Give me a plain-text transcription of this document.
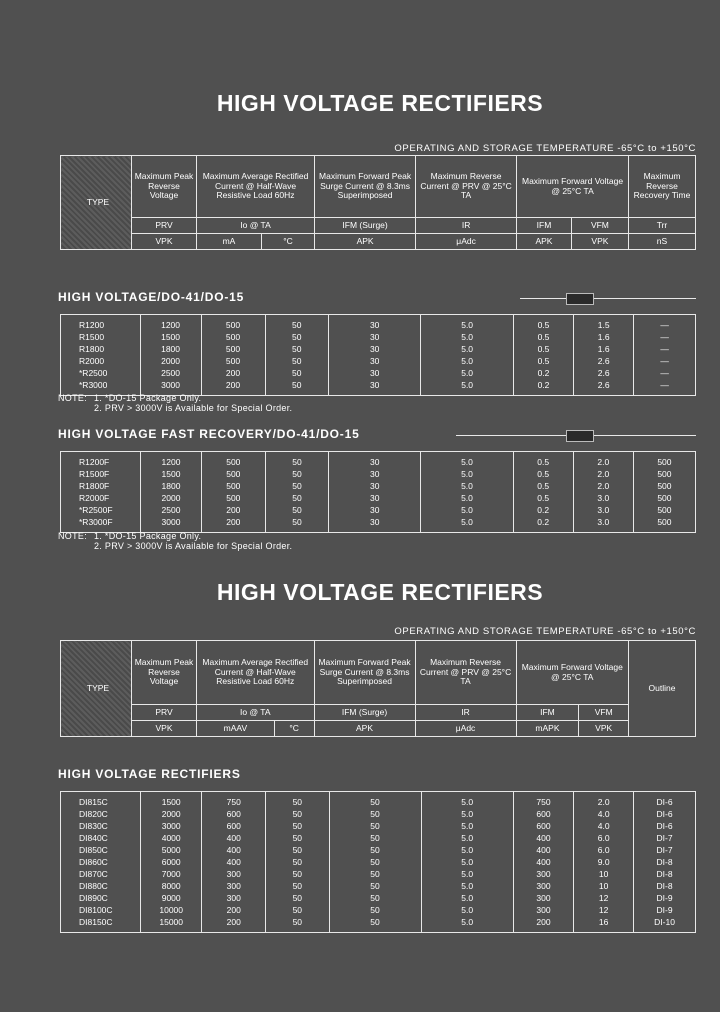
HIGH VOLTAGE RECTIFIERS
OPERATING AND STORAGE TEMPERATURE -65°C to +150°C
TYPE	Maximum Peak Reverse Voltage	Maximum Average Rectified Current @ Half-Wave Resistive Load 60Hz		Maximum Forward Peak Surge Current @ 8.3ms Superimposed	Maximum Reverse Current @ PRV @ 25°C TA	Maximum Forward Voltage @ 25°C TA		Maximum Reverse Recovery Time
	PRV	Io @ TA		IFM (Surge)	IR	IFM	VFM	Trr
	VPK	mA	°C	APK	μAdc	APK	VPK	nS
HIGH VOLTAGE/DO-41/DO-15
R1200	1200	500	50	30	5.0	0.5	1.5	—
R1500	1500	500	50	30	5.0	0.5	1.6	—
R1800	1800	500	50	30	5.0	0.5	1.6	—
R2000	2000	500	50	30	5.0	0.5	2.6	—
*R2500	2500	200	50	30	5.0	0.2	2.6	—
*R3000	3000	200	50	30	5.0	0.2	2.6	—
NOTE: 1. *DO-15 Package Only.
2. PRV > 3000V is Available for Special Order.
HIGH VOLTAGE FAST RECOVERY/DO-41/DO-15
R1200F	1200	500	50	30	5.0	0.5	2.0	500
R1500F	1500	500	50	30	5.0	0.5	2.0	500
R1800F	1800	500	50	30	5.0	0.5	2.0	500
R2000F	2000	500	50	30	5.0	0.5	3.0	500
*R2500F	2500	200	50	30	5.0	0.2	3.0	500
*R3000F	3000	200	50	30	5.0	0.2	3.0	500
NOTE: 1. *DO-15 Package Only.
2. PRV > 3000V is Available for Special Order.
HIGH VOLTAGE RECTIFIERS
OPERATING AND STORAGE TEMPERATURE -65°C to +150°C
TYPE	Maximum Peak Reverse Voltage	Maximum Average Rectified Current @ Half-Wave Resistive Load 60Hz		Maximum Forward Peak Surge Current @ 8.3ms Superimposed	Maximum Reverse Current @ PRV @ 25°C TA	Maximum Forward Voltage @ 25°C TA		Outline
	PRV	Io @ TA		IFM (Surge)	IR	IFM	VFM	
	VPK	mAAV	°C	APK	μAdc	mAPK	VPK	
HIGH VOLTAGE RECTIFIERS
DI815C	1500	750	50	50	5.0	750	2.0	DI-6
DI820C	2000	600	50	50	5.0	600	4.0	DI-6
DI830C	3000	600	50	50	5.0	600	4.0	DI-6
DI840C	4000	400	50	50	5.0	400	6.0	DI-7
DI850C	5000	400	50	50	5.0	400	6.0	DI-7
DI860C	6000	400	50	50	5.0	400	9.0	DI-8
DI870C	7000	300	50	50	5.0	300	10	DI-8
DI880C	8000	300	50	50	5.0	300	10	DI-8
DI890C	9000	300	50	50	5.0	300	12	DI-9
DI8100C	10000	200	50	50	5.0	300	12	DI-9
DI8150C	15000	200	50	50	5.0	200	16	DI-10
